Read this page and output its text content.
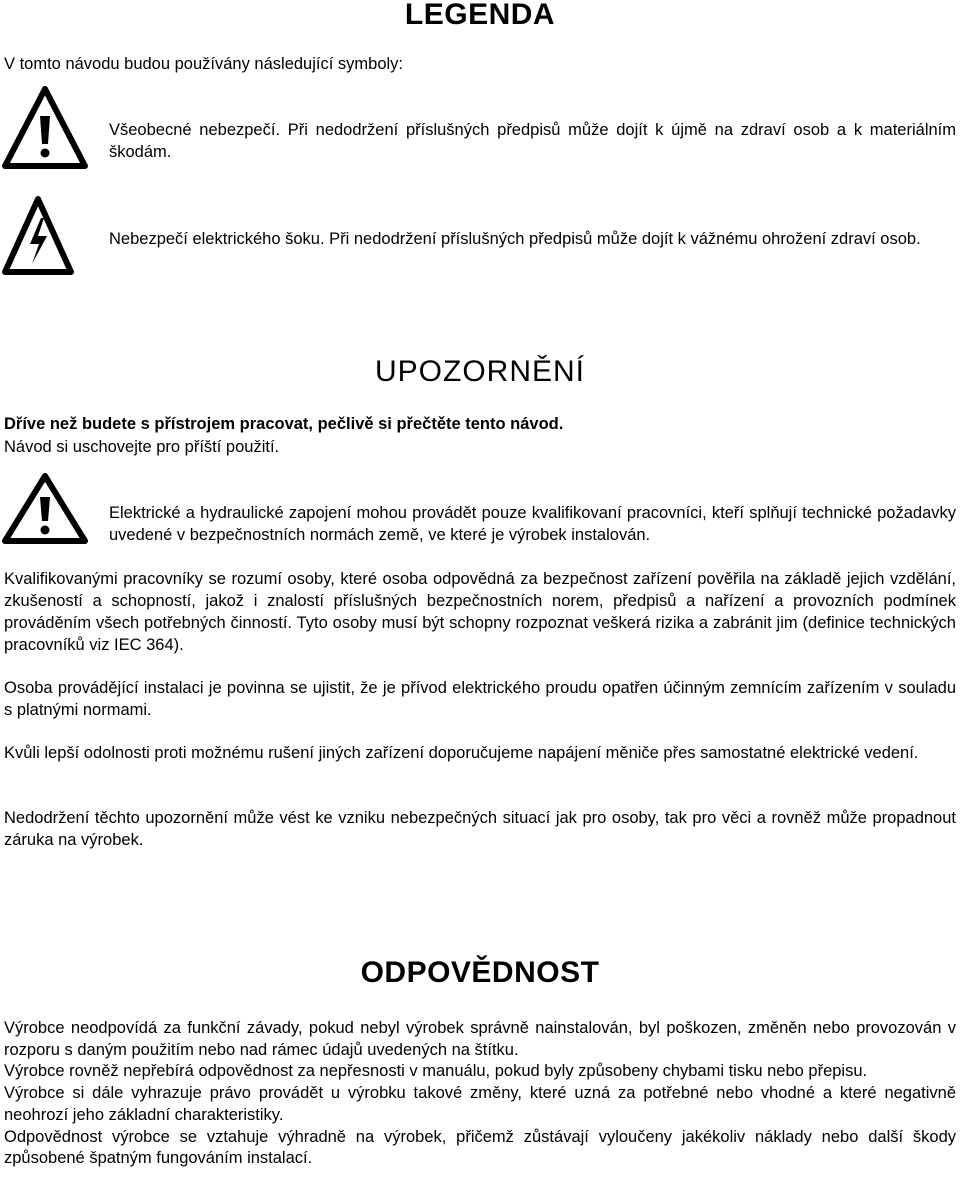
LEGENDA

V tomto návodu budou používány následující symboly:

Všeobecné nebezpečí. Při nedodržení příslušných předpisů může dojít k újmě na zdraví osob a k materiálním škodám.

Nebezpečí elektrického šoku. Při nedodržení příslušných předpisů může dojít k vážnému ohrožení zdraví osob.

UPOZORNĚNÍ

Dříve než budete s přístrojem pracovat, pečlivě si přečtěte tento návod.

Návod si uschovejte pro příští použití.

Elektrické a hydraulické zapojení mohou provádět pouze kvalifikovaní pracovníci, kteří splňují technické požadavky uvedené v bezpečnostních normách země, ve které je výrobek instalován.

Kvalifikovanými pracovníky se rozumí osoby, které osoba odpovědná za bezpečnost zařízení pověřila na základě jejich vzdělání, zkušeností a schopností, jakož i znalostí příslušných bezpečnostních norem, předpisů a nařízení a provozních podmínek prováděním všech potřebných činností. Tyto osoby musí být schopny rozpoznat veškerá rizika a zabránit jim (definice technických pracovníků viz IEC 364).

Osoba provádějící instalaci je povinna se ujistit, že je přívod elektrického proudu opatřen účinným zemnícím zařízením v souladu s platnými normami.

Kvůli lepší odolnosti proti možnému rušení jiných zařízení doporučujeme napájení měniče přes samostatné elektrické vedení.

Nedodržení těchto upozornění může vést ke vzniku nebezpečných situací jak pro osoby, tak pro věci a rovněž může propadnout záruka na výrobek.

ODPOVĚDNOST

Výrobce neodpovídá za funkční závady, pokud nebyl výrobek správně nainstalován, byl poškozen, změněn nebo provozován v rozporu s daným použitím nebo nad rámec údajů uvedených na štítku.

Výrobce rovněž nepřebírá odpovědnost za nepřesnosti v manuálu, pokud byly způsobeny chybami tisku nebo přepisu.

Výrobce si dále vyhrazuje právo provádět u výrobku takové změny, které uzná za potřebné nebo vhodné a které negativně neohrozí jeho základní charakteristiky.

Odpovědnost výrobce se vztahuje výhradně na výrobek, přičemž zůstávají vyloučeny jakékoliv náklady nebo další škody způsobené špatným fungováním instalací.
